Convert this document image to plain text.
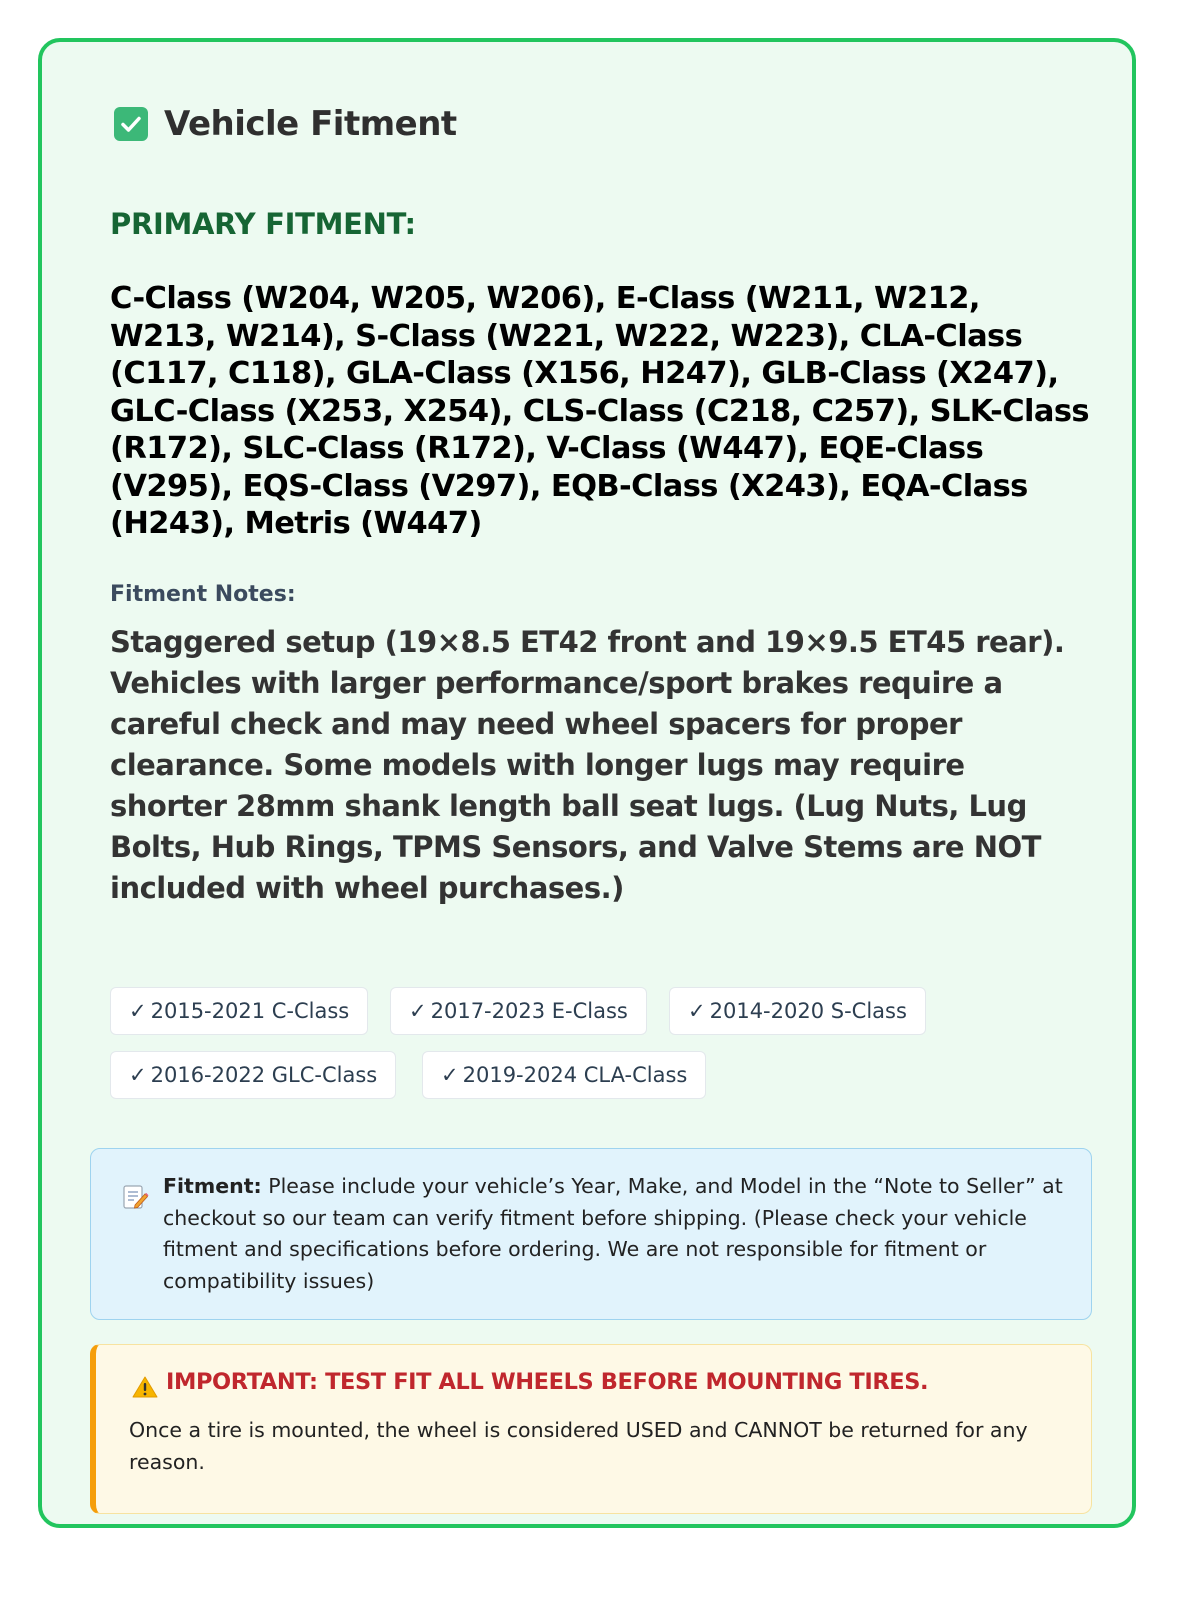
Vehicle Fitment
PRIMARY FITMENT:
C-Class (W204, W205, W206), E-Class (W211, W212, W213, W214), S-Class (W221, W222, W223), CLA-Class (C117, C118), GLA-Class (X156, H247), GLB-Class (X247), GLC-Class (X253, X254), CLS-Class (C218, C257), SLK-Class (R172), SLC-Class (R172), V-Class (W447), EQE-Class (V295), EQS-Class (V297), EQB-Class (X243), EQA-Class (H243), Metris (W447)
Fitment Notes:
Staggered setup (19×8.5 ET42 front and 19×9.5 ET45 rear). Vehicles with larger performance/sport brakes require a careful check and may need wheel spacers for proper clearance. Some models with longer lugs may require shorter 28mm shank length ball seat lugs. (Lug Nuts, Lug Bolts, Hub Rings, TPMS Sensors, and Valve Stems are NOT included with wheel purchases.)
✓ 2015-2021 C-Class	✓ 2017-2023 E-Class	✓ 2014-2020 S-Class
✓ 2016-2022 GLC-Class	✓ 2019-2024 CLA-Class
Fitment: Please include your vehicle’s Year, Make, and Model in the “Note to Seller” at checkout so our team can verify fitment before shipping. (Please check your vehicle fitment and specifications before ordering. We are not responsible for fitment or compatibility issues)
IMPORTANT: TEST FIT ALL WHEELS BEFORE MOUNTING TIRES.
Once a tire is mounted, the wheel is considered USED and CANNOT be returned for any reason.
